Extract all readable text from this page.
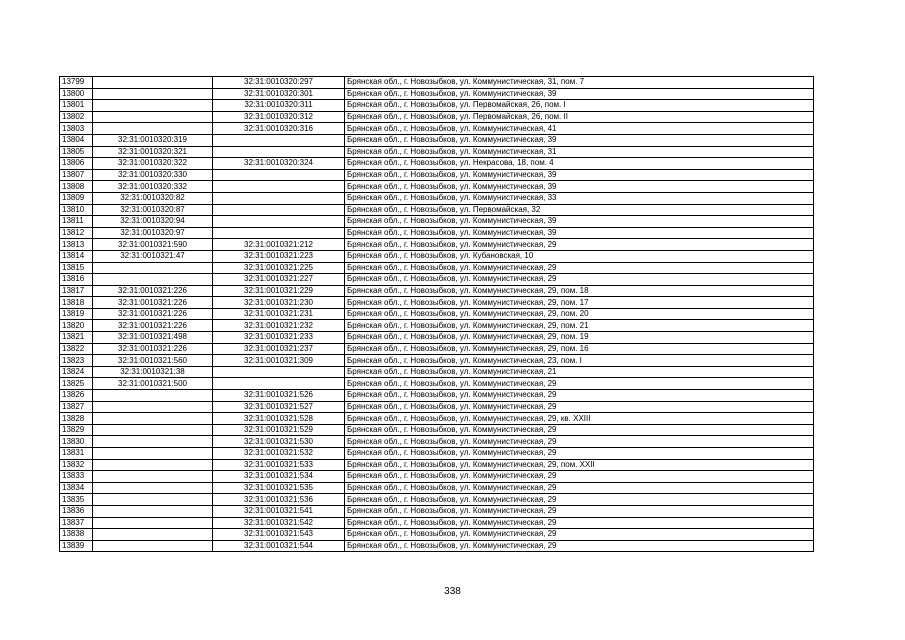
13799		32:31:0010320:297	Брянская обл., г. Новозыбков, ул. Коммунистическая, 31, пом. 7
13800		32:31:0010320:301	Брянская обл., г. Новозыбков, ул. Коммунистическая, 39
13801		32:31:0010320:311	Брянская обл., г. Новозыбков, ул. Первомайская, 26, пом. I
13802		32:31:0010320:312	Брянская обл., г. Новозыбков, ул. Первомайская, 26, пом. II
13803		32:31:0010320:316	Брянская обл., г. Новозыбков, ул. Коммунистическая, 41
13804	32:31:0010320:319		Брянская обл., г. Новозыбков, ул. Коммунистическая, 39
13805	32:31:0010320:321		Брянская обл., г. Новозыбков, ул. Коммунистическая, 31
13806	32:31:0010320:322	32:31:0010320:324	Брянская обл., г. Новозыбков, ул. Некрасова, 18, пом. 4
13807	32:31:0010320:330		Брянская обл., г. Новозыбков, ул. Коммунистическая, 39
13808	32:31:0010320:332		Брянская обл., г. Новозыбков, ул. Коммунистическая, 39
13809	32:31:0010320:82		Брянская обл., г. Новозыбков, ул. Коммунистическая, 33
13810	32:31:0010320:87		Брянская обл., г. Новозыбков, ул. Первомайская, 32
13811	32:31:0010320:94		Брянская обл., г. Новозыбков, ул. Коммунистическая, 39
13812	32:31:0010320:97		Брянская обл., г. Новозыбков, ул. Коммунистическая, 39
13813	32:31:0010321:590	32:31:0010321:212	Брянская обл., г. Новозыбков, ул. Коммунистическая, 29
13814	32:31:0010321:47	32:31:0010321:223	Брянская обл., г. Новозыбков, ул. Кубановская, 10
13815		32:31:0010321:225	Брянская обл., г. Новозыбков, ул. Коммунистическая, 29
13816		32:31:0010321:227	Брянская обл., г. Новозыбков, ул. Коммунистическая, 29
13817	32:31:0010321:226	32:31:0010321:229	Брянская обл., г. Новозыбков, ул. Коммунистическая, 29, пом. 18
13818	32:31:0010321:226	32:31:0010321:230	Брянская обл., г. Новозыбков, ул. Коммунистическая, 29, пом. 17
13819	32:31:0010321:226	32:31:0010321:231	Брянская обл., г. Новозыбков, ул. Коммунистическая, 29, пом. 20
13820	32:31:0010321:226	32:31:0010321:232	Брянская обл., г. Новозыбков, ул. Коммунистическая, 29, пом. 21
13821	32:31:0010321:498	32:31:0010321:233	Брянская обл., г. Новозыбков, ул. Коммунистическая, 29, пом. 19
13822	32:31:0010321:226	32:31:0010321:237	Брянская обл., г. Новозыбков, ул. Коммунистическая, 29, пом. 16
13823	32:31:0010321:560	32:31:0010321:309	Брянская обл., г. Новозыбков, ул. Коммунистическая, 23, пом. I
13824	32:31:0010321:38		Брянская обл., г. Новозыбков, ул. Коммунистическая, 21
13825	32:31:0010321:500		Брянская обл., г. Новозыбков, ул. Коммунистическая, 29
13826		32:31:0010321:526	Брянская обл., г. Новозыбков, ул. Коммунистическая, 29
13827		32:31:0010321:527	Брянская обл., г. Новозыбков, ул. Коммунистическая, 29
13828		32:31:0010321:528	Брянская обл., г. Новозыбков, ул. Коммунистическая, 29, кв. XXIII
13829		32:31:0010321:529	Брянская обл., г. Новозыбков, ул. Коммунистическая, 29
13830		32:31:0010321:530	Брянская обл., г. Новозыбков, ул. Коммунистическая, 29
13831		32:31:0010321:532	Брянская обл., г. Новозыбков, ул. Коммунистическая, 29
13832		32:31:0010321:533	Брянская обл., г. Новозыбков, ул. Коммунистическая, 29, пом. XXII
13833		32:31:0010321:534	Брянская обл., г. Новозыбков, ул. Коммунистическая, 29
13834		32:31:0010321:535	Брянская обл., г. Новозыбков, ул. Коммунистическая, 29
13835		32:31:0010321:536	Брянская обл., г. Новозыбков, ул. Коммунистическая, 29
13836		32:31:0010321:541	Брянская обл., г. Новозыбков, ул. Коммунистическая, 29
13837		32:31:0010321:542	Брянская обл., г. Новозыбков, ул. Коммунистическая, 29
13838		32:31:0010321:543	Брянская обл., г. Новозыбков, ул. Коммунистическая, 29
13839		32:31:0010321:544	Брянская обл., г. Новозыбков, ул. Коммунистическая, 29
338
